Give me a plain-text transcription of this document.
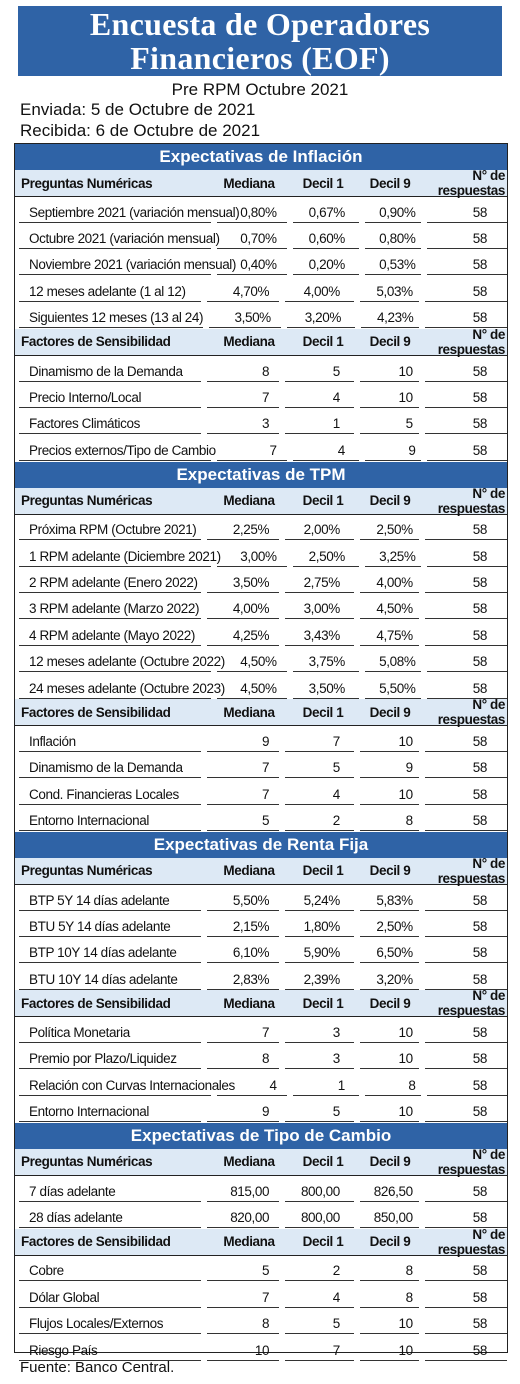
Encuesta de Operadores
Financieros (EOF)
Pre RPM Octubre 2021
Enviada: 5 de Octubre de 2021
Recibida: 6 de Octubre de 2021
Expectativas de Inflación
Preguntas Numéricas	Mediana	Decil 1	Decil 9	N° de respuestas
Septiembre 2021 (variación mensual) 0,80%	0,67%	0,90%	58
Octubre 2021 (variación mensual)	0,70%	0,60%	0,80%	58
Noviembre 2021 (variación mensual) 0,40%	0,20%	0,53%	58
12 meses adelante (1 al 12)	4,70%	4,00%	5,03%	58
Siguientes 12 meses (13 al 24)	3,50%	3,20%	4,23%	58
Factores de Sensibilidad	Mediana	Decil 1	Decil 9	N° de respuestas
Dinamismo de la Demanda	8	5	10	58
Precio Interno/Local	7	4	10	58
Factores Climáticos	3	1	5	58
Precios externos/Tipo de Cambio	7	4	9	58
Expectativas de TPM
Preguntas Numéricas	Mediana	Decil 1	Decil 9	N° de respuestas
Próxima RPM (Octubre 2021)	2,25%	2,00%	2,50%	58
1 RPM adelante (Diciembre 2021)	3,00%	2,50%	3,25%	58
2 RPM adelante (Enero 2022)	3,50%	2,75%	4,00%	58
3 RPM adelante (Marzo 2022)	4,00%	3,00%	4,50%	58
4 RPM adelante (Mayo 2022)	4,25%	3,43%	4,75%	58
12 meses adelante (Octubre 2022)	4,50%	3,75%	5,08%	58
24 meses adelante (Octubre 2023)	4,50%	3,50%	5,50%	58
Factores de Sensibilidad	Mediana	Decil 1	Decil 9	N° de respuestas
Inflación	9	7	10	58
Dinamismo de la Demanda	7	5	9	58
Cond. Financieras Locales	7	4	10	58
Entorno Internacional	5	2	8	58
Expectativas de Renta Fija
Preguntas Numéricas	Mediana	Decil 1	Decil 9	N° de respuestas
BTP 5Y 14 días adelante	5,50%	5,24%	5,83%	58
BTU 5Y 14 días adelante	2,15%	1,80%	2,50%	58
BTP 10Y 14 días adelante	6,10%	5,90%	6,50%	58
BTU 10Y 14 días adelante	2,83%	2,39%	3,20%	58
Factores de Sensibilidad	Mediana	Decil 1	Decil 9	N° de respuestas
Política Monetaria	7	3	10	58
Premio por Plazo/Liquidez	8	3	10	58
Relación con Curvas Internacionales	4	1	8	58
Entorno Internacional	9	5	10	58
Expectativas de Tipo de Cambio
Preguntas Numéricas	Mediana	Decil 1	Decil 9	N° de respuestas
7 días adelante	815,00	800,00	826,50	58
28 días adelante	820,00	800,00	850,00	58
Factores de Sensibilidad	Mediana	Decil 1	Decil 9	N° de respuestas
Cobre	5	2	8	58
Dólar Global	7	4	8	58
Flujos Locales/Externos	8	5	10	58
Riesgo País	10	7	10	58
Fuente: Banco Central.
